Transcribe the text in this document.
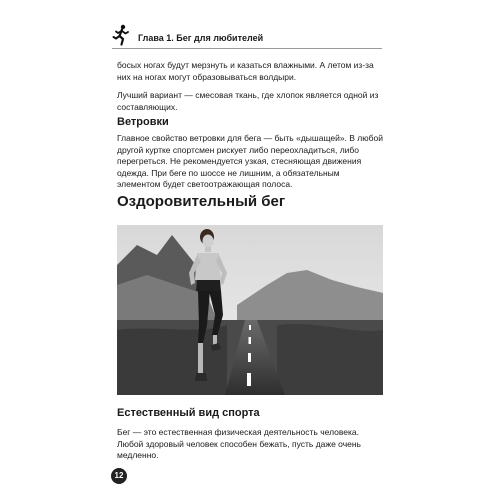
Глава 1. Бег для любителей

босых ногах будут мерзнуть и казаться влажными. А летом из-за них на ногах могут образовываться волдыри.

Лучший вариант — смесовая ткань, где хлопок является одной из составляющих.

Ветровки

Главное свойство ветровки для бега — быть «дышащей». В любой другой куртке спортсмен рискует либо переохладиться, либо перегреться. Не рекомендуется узкая, стесняющая движения одежда. При беге по шоссе не лишним, а обязательным элементом будет светоотражающая полоса.

Оздоровительный бег
Естественный вид спорта

Бег — это естественная физическая деятельность человека. Любой здоровый человек способен бежать, пусть даже очень медленно.

12
